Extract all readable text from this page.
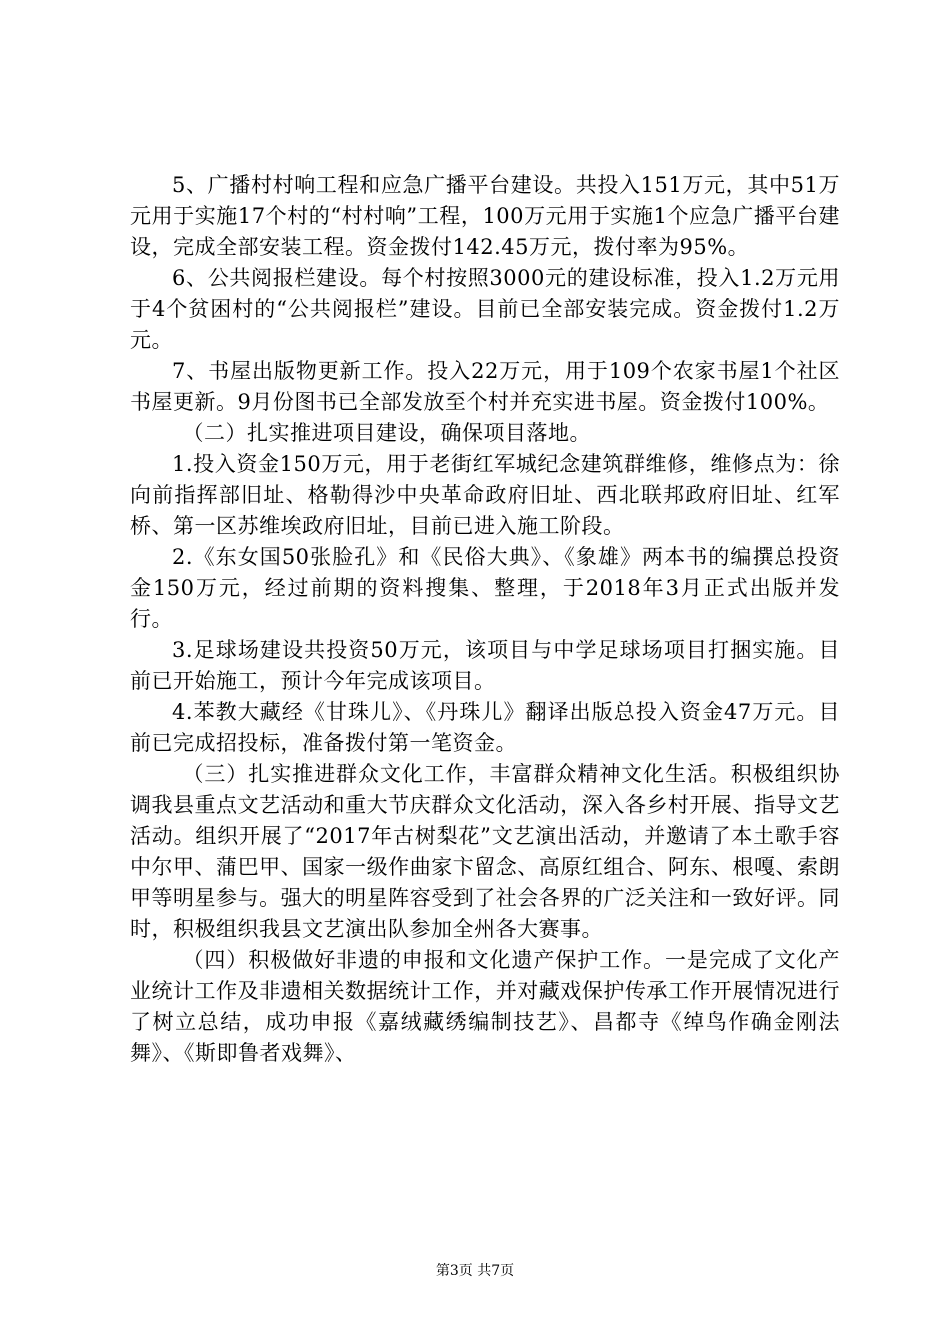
5、广播村村响工程和应急广播平台建设。共投入151万元，其中51万元用于实施17个村的“村村响”工程，100万元用于实施1个应急广播平台建设，完成全部安装工程。资金拨付142.45万元，拨付率为95%。

6、公共阅报栏建设。每个村按照3000元的建设标准，投入1.2万元用于4个贫困村的“公共阅报栏”建设。目前已全部安装完成。资金拨付1.2万元。

7、书屋出版物更新工作。投入22万元，用于109个农家书屋1个社区书屋更新。9月份图书已全部发放至个村并充实进书屋。资金拨付100%。

（二）扎实推进项目建设，确保项目落地。

1.投入资金150万元，用于老街红军城纪念建筑群维修，维修点为：徐向前指挥部旧址、格勒得沙中央革命政府旧址、西北联邦政府旧址、红军桥、第一区苏维埃政府旧址，目前已进入施工阶段。

2.《东女国50张脸孔》和《民俗大典》、《象雄》两本书的编撰总投资金150万元，经过前期的资料搜集、整理，于2018年3月正式出版并发行。

3.足球场建设共投资50万元，该项目与中学足球场项目打捆实施。目前已开始施工，预计今年完成该项目。

4.苯教大藏经《甘珠儿》、《丹珠儿》翻译出版总投入资金47万元。目前已完成招投标，准备拨付第一笔资金。

（三）扎实推进群众文化工作，丰富群众精神文化生活。积极组织协调我县重点文艺活动和重大节庆群众文化活动，深入各乡村开展、指导文艺活动。组织开展了“2017年古树梨花”文艺演出活动，并邀请了本土歌手容中尔甲、蒲巴甲、国家一级作曲家卞留念、高原红组合、阿东、根嘎、索朗甲等明星参与。强大的明星阵容受到了社会各界的广泛关注和一致好评。同时，积极组织我县文艺演出队参加全州各大赛事。

（四）积极做好非遗的申报和文化遗产保护工作。一是完成了文化产业统计工作及非遗相关数据统计工作，并对藏戏保护传承工作开展情况进行了树立总结，成功申报《嘉绒藏绣编制技艺》、昌都寺《绰鸟作确金刚法舞》、《斯即鲁者戏舞》、

第3页 共7页
